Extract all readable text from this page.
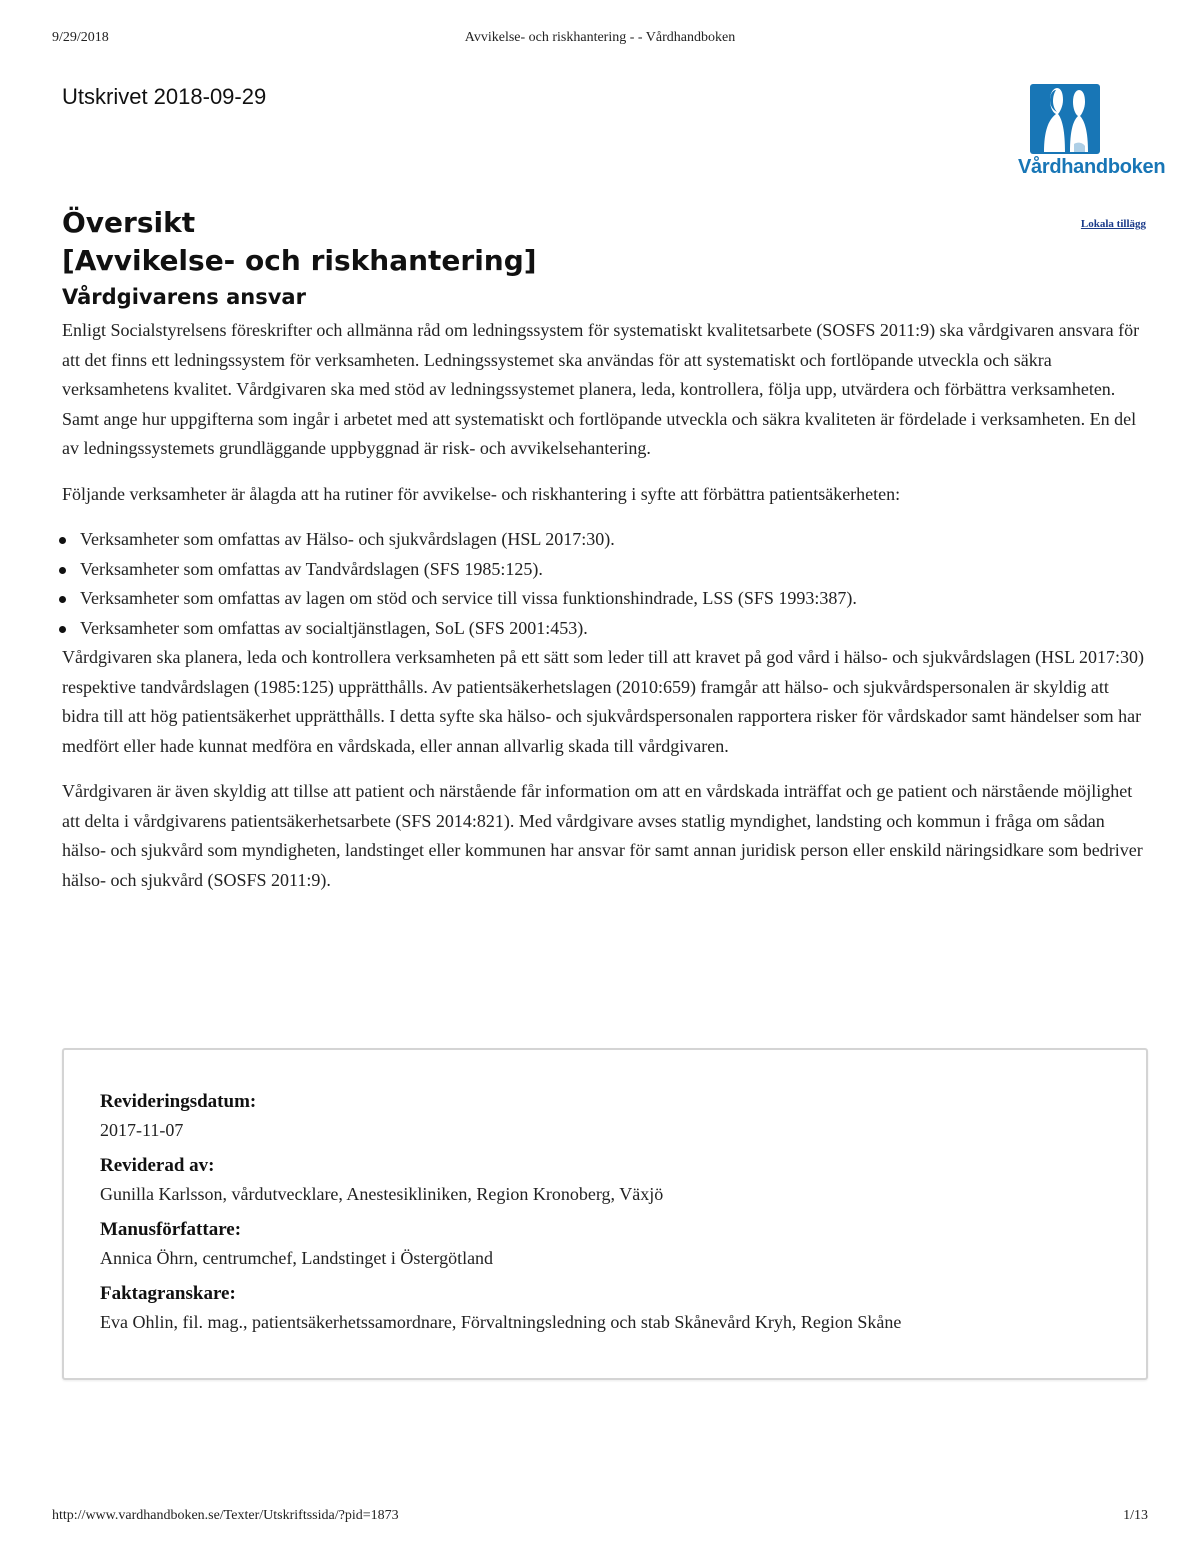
9/29/2018	Avvikelse- och riskhantering - - Vårdhandboken
Utskrivet 2018-09-29
Vårdhandboken
Lokala tillägg
Översikt
[Avvikelse- och riskhantering]
Vårdgivarens ansvar

Enligt Socialstyrelsens föreskrifter och allmänna råd om ledningssystem för systematiskt kvalitetsarbete (SOSFS 2011:9) ska vårdgivaren ansvara för att det finns ett ledningssystem för verksamheten. Ledningssystemet ska användas för att systematiskt och fortlöpande utveckla och säkra verksamhetens kvalitet. Vårdgivaren ska med stöd av ledningssystemet planera, leda, kontrollera, följa upp, utvärdera och förbättra verksamheten. Samt ange hur uppgifterna som ingår i arbetet med att systematiskt och fortlöpande utveckla och säkra kvaliteten är fördelade i verksamheten. En del av ledningssystemets grundläggande uppbyggnad är risk- och avvikelsehantering.

Följande verksamheter är ålagda att ha rutiner för avvikelse- och riskhantering i syfte att förbättra patientsäkerheten:

Verksamheter som omfattas av Hälso- och sjukvårdslagen (HSL 2017:30).
Verksamheter som omfattas av Tandvårdslagen (SFS 1985:125).
Verksamheter som omfattas av lagen om stöd och service till vissa funktionshindrade, LSS (SFS 1993:387).
Verksamheter som omfattas av socialtjänstlagen, SoL (SFS 2001:453).

Vårdgivaren ska planera, leda och kontrollera verksamheten på ett sätt som leder till att kravet på god vård i hälso- och sjukvårdslagen (HSL 2017:30) respektive tandvårdslagen (1985:125) upprätthålls. Av patientsäkerhetslagen (2010:659) framgår att hälso- och sjukvårdspersonalen är skyldig att bidra till att hög patientsäkerhet upprätthålls. I detta syfte ska hälso- och sjukvårdspersonalen rapportera risker för vårdskador samt händelser som har medfört eller hade kunnat medföra en vårdskada, eller annan allvarlig skada till vårdgivaren.

Vårdgivaren är även skyldig att tillse att patient och närstående får information om att en vårdskada inträffat och ge patient och närstående möjlighet att delta i vårdgivarens patientsäkerhetsarbete (SFS 2014:821). Med vårdgivare avses statlig myndighet, landsting och kommun i fråga om sådan hälso- och sjukvård som myndigheten, landstinget eller kommunen har ansvar för samt annan juridisk person eller enskild näringsidkare som bedriver hälso- och sjukvård (SOSFS 2011:9).

Revideringsdatum:
2017-11-07
Reviderad av:
Gunilla Karlsson, vårdutvecklare, Anestesikliniken, Region Kronoberg, Växjö
Manusförfattare:
Annica Öhrn, centrumchef, Landstinget i Östergötland
Faktagranskare:
Eva Ohlin, fil. mag., patientsäkerhetssamordnare, Förvaltningsledning och stab Skånevård Kryh, Region Skåne
http://www.vardhandboken.se/Texter/Utskriftssida/?pid=1873	1/13
